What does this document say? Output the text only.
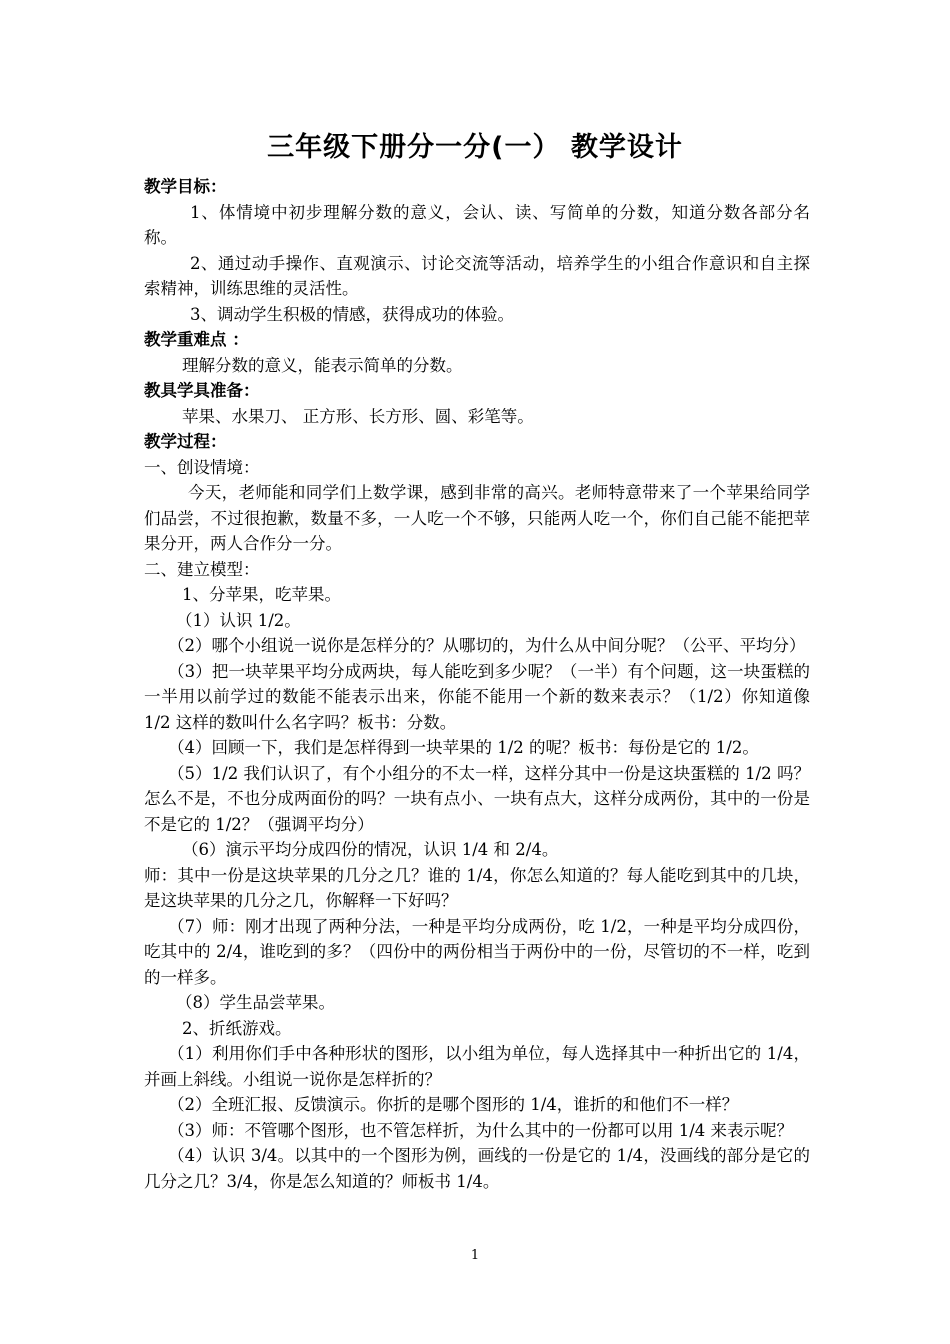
三年级下册分一分(一） 教学设计

教学目标：

1、体情境中初步理解分数的意义，会认、读、写简单的分数，知道分数各部分名称。

2、通过动手操作、直观演示、讨论交流等活动，培养学生的小组合作意识和自主探索精神，训练思维的灵活性。

3、调动学生积极的情感，获得成功的体验。

教学重难点 ：

理解分数的意义，能表示简单的分数。

教具学具准备：

苹果、水果刀、 正方形、长方形、圆、彩笔等。

教学过程：

一、创设情境：

今天，老师能和同学们上数学课，感到非常的高兴。老师特意带来了一个苹果给同学们品尝，不过很抱歉，数量不多，一人吃一个不够，只能两人吃一个，你们自己能不能把苹果分开，两人合作分一分。

二、建立模型：

1、分苹果，吃苹果。

（1）认识 1/2。

（2）哪个小组说一说你是怎样分的？从哪切的，为什么从中间分呢？（公平、平均分）

（3）把一块苹果平均分成两块，每人能吃到多少呢？（一半）有个问题，这一块蛋糕的一半用以前学过的数能不能表示出来，你能不能用一个新的数来表示？（1/2）你知道像 1/2 这样的数叫什么名字吗？板书：分数。

（4）回顾一下，我们是怎样得到一块苹果的 1/2 的呢？板书：每份是它的 1/2。

（5）1/2 我们认识了，有个小组分的不太一样，这样分其中一份是这块蛋糕的 1/2 吗？怎么不是，不也分成两面份的吗？一块有点小、一块有点大，这样分成两份，其中的一份是不是它的 1/2？（强调平均分）

（6）演示平均分成四份的情况，认识 1/4 和 2/4。

师：其中一份是这块苹果的几分之几？谁的 1/4，你怎么知道的？每人能吃到其中的几块，是这块苹果的几分之几，你解释一下好吗？

（7）师：刚才出现了两种分法，一种是平均分成两份，吃 1/2，一种是平均分成四份，吃其中的 2/4，谁吃到的多？（四份中的两份相当于两份中的一份，尽管切的不一样，吃到的一样多。

（8）学生品尝苹果。

2、折纸游戏。

（1）利用你们手中各种形状的图形，以小组为单位，每人选择其中一种折出它的 1/4，并画上斜线。小组说一说你是怎样折的？

（2）全班汇报、反馈演示。你折的是哪个图形的 1/4，谁折的和他们不一样？

（3）师：不管哪个图形，也不管怎样折，为什么其中的一份都可以用 1/4 来表示呢？

（4）认识 3/4。以其中的一个图形为例，画线的一份是它的 1/4，没画线的部分是它的几分之几？3/4，你是怎么知道的？师板书 1/4。

1
